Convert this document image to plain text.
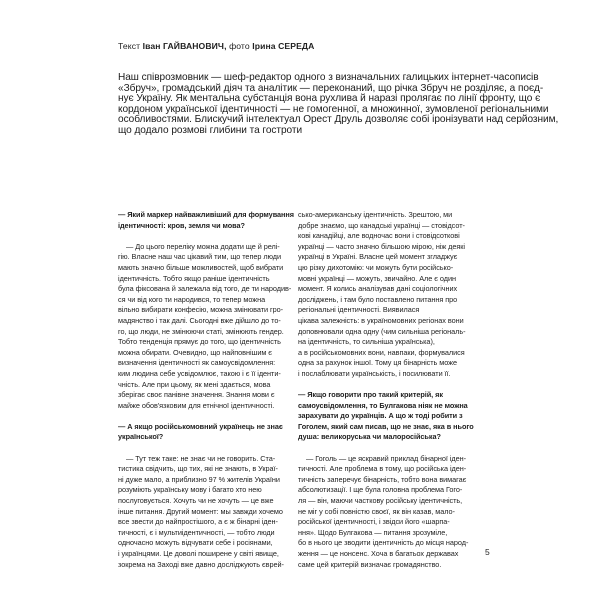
Текст Іван ГАЙВАНОВИЧ, фото Ірина СЕРЕДА
Наш співрозмовник — шеф-редактор одного з визначальних галицьких інтернет-часописів
«Збруч», громадський діяч та аналітик — переконаний, що річка Збруч не розділяє, а поєд-
нує Україну. Як ментальна субстанція вона рухлива й наразі пролягає по лінії фронту, що є
кордоном української ідентичності — не гомогенної, а множинної, зумовленої регіональними
особливостями. Блискучий інтелектуал Орест Друль дозволяє собі іронізувати над серйозним,
що додало розмові глибини та гостроти
— Який маркер найважливіший для формування
ідентичності: кров, земля чи мова?
— До цього переліку можна додати ще й релі-
гію. Власне наш час цікавий тим, що тепер люди
мають значно більше можливостей, щоб вибрати
ідентичність. Тобто якщо раніше ідентичність
була фіксована й залежала від того, де ти народив-
ся чи від кого ти народився, то тепер можна
вільно вибирати конфесію, можна змінювати гро-
мадянство і так далі. Сьогодні вже дійшло до то-
го, що люди, не змінюючи статі, змінюють гендер.
Тобто тенденція прямує до того, що ідентичність
можна обирати. Очевидно, що найповнішим є
визначення ідентичності як самоусвідомлення:
ким людина себе усвідомлює, такою і є її іденти-
чність. Але при цьому, як мені здається, мова
зберігає своє панівне значення. Знання мови є
майже обов'язковим для етнічної ідентичності.
— А якщо російськомовний українець не знає
української?
— Тут теж таке: не знає чи не говорить. Ста-
тистика свідчить, що тих, які не знають, в Украї-
ні дуже мало, а приблизно 97 % жителів України
розуміють українську мову і багато хто нею
послуговується. Хочуть чи не хочуть — це вже
інше питання. Другий момент: мы завжди хочемо
все звести до найпростішого, а є ж бінарні іден-
тичності, є і мультиідентичності, — тобто люди
одночасно можуть відчувати себе і росіянами,
і українцями. Це доволі поширене у світі явище,
зокрема на Заході вже давно досліджують єврей-
сько-американську ідентичність. Зрештою, ми
добре знаємо, що канадські українці — стовідсот-
кові канадійці, але водночас вони і стовідсоткові
українці — часто значно більшою мірою, ніж деякі
українці в Україні. Власне цей момент згладжує
цю різку дихотомію: чи можуть бути російсько-
мовні українці — можуть, звичайно. Але є один
момент. Я колись аналізував дані соціологічних
досліджень, і там було поставлено питання про
регіональні ідентичності. Виявилася
цікава залежність: в україномовних регіонах вони
доповнювали одна одну (чим сильніша регіональ-
на ідентичність, то сильніша українська),
а в російськомовних вони, навпаки, формувалися
одна за рахунок іншої. Тому ця бінарність може
і послаблювати українськість, і посилювати її.
— Якщо говорити про такий критерій, як
самоусвідомлення, то Булгакова ніяк не можна
зарахувати до українців. А що ж тоді робити з
Гоголем, який сам писав, що не знає, яка в нього
душа: великоруська чи малоросійська?
— Гоголь — це яскравий приклад бінарної іден-
тичності. Але проблема в тому, що російська іден-
тичність заперечує бінарність, тобто вона вимагає
абсолютизації. І ще була головна проблема Гого-
ля — він, маючи часткову російську ідентичність,
не міг у собі повністю своєї, як він казав, мало-
російської ідентичності, і звідси його «шарпа-
ння». Щодо Булгакова — питання зрозуміле,
бо в нього це зводити ідентичність до місця народ-
ження — це нонсенс. Хоча в багатьох державах
саме цей критерій визначає громадянство.
5
